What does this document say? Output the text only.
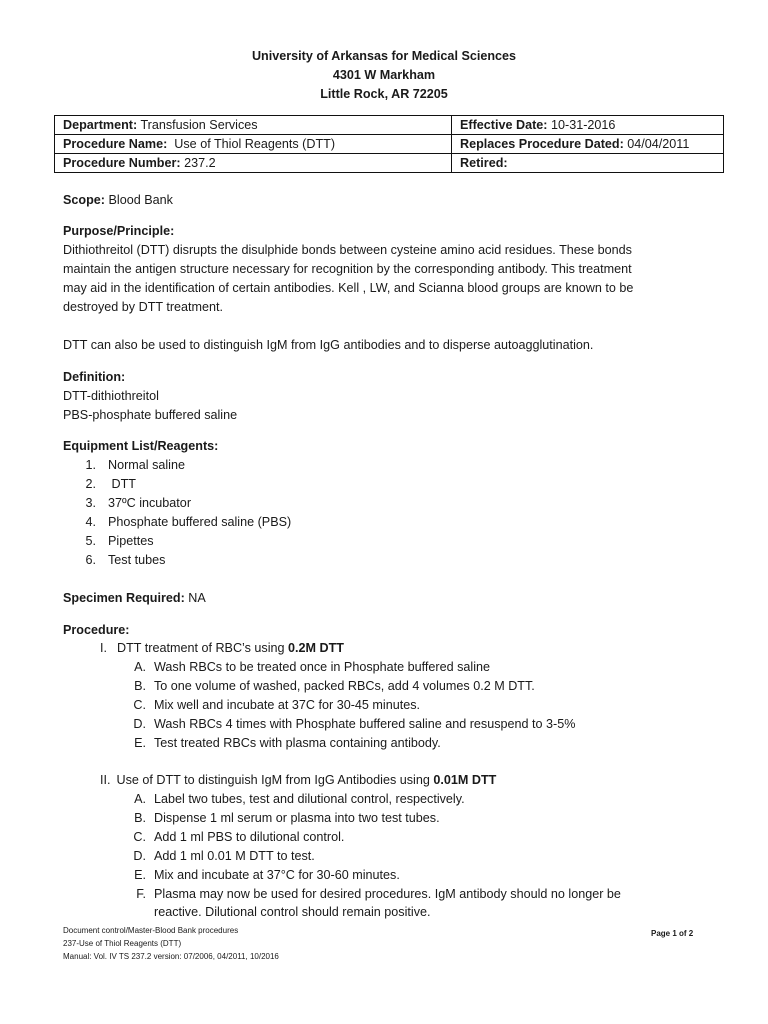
University of Arkansas for Medical Sciences
4301 W Markham
Little Rock, AR 72205
Department: Transfusion Services	Effective Date: 10-31-2016
Procedure Name:  Use of Thiol Reagents (DTT)	Replaces Procedure Dated: 04/04/2011
Procedure Number: 237.2	Retired:
Scope: Blood Bank
Purpose/Principle:
Dithiothreitol (DTT) disrupts the disulphide bonds between cysteine amino acid residues. These bonds
maintain the antigen structure necessary for recognition by the corresponding antibody. This treatment
may aid in the identification of certain antibodies. Kell , LW, and Scianna blood groups are known to be
destroyed by DTT treatment.
DTT can also be used to distinguish IgM from IgG antibodies and to disperse autoagglutination.
Definition:
DTT-dithiothreitol
PBS-phosphate buffered saline
Equipment List/Reagents:
1. Normal saline
2. DTT
3. 37ºC incubator
4. Phosphate buffered saline (PBS)
5. Pipettes
6. Test tubes
Specimen Required: NA
Procedure:
I. DTT treatment of RBC’s using 0.2M DTT
A. Wash RBCs to be treated once in Phosphate buffered saline
B. To one volume of washed, packed RBCs, add 4 volumes 0.2 M DTT.
C. Mix well and incubate at 37C for 30-45 minutes.
D. Wash RBCs 4 times with Phosphate buffered saline and resuspend to 3-5%
E. Test treated RBCs with plasma containing antibody.
II. Use of DTT to distinguish IgM from IgG Antibodies using 0.01M DTT
A. Label two tubes, test and dilutional control, respectively.
B. Dispense 1 ml serum or plasma into two test tubes.
C. Add 1 ml PBS to dilutional control.
D. Add 1 ml 0.01 M DTT to test.
E. Mix and incubate at 37°C for 30-60 minutes.
F. Plasma may now be used for desired procedures. IgM antibody should no longer be
reactive. Dilutional control should remain positive.
Document control/Master-Blood Bank procedures
237-Use of Thiol Reagents (DTT)
Manual: Vol. IV TS 237.2 version: 07/2006, 04/2011, 10/2016
Page 1 of 2
